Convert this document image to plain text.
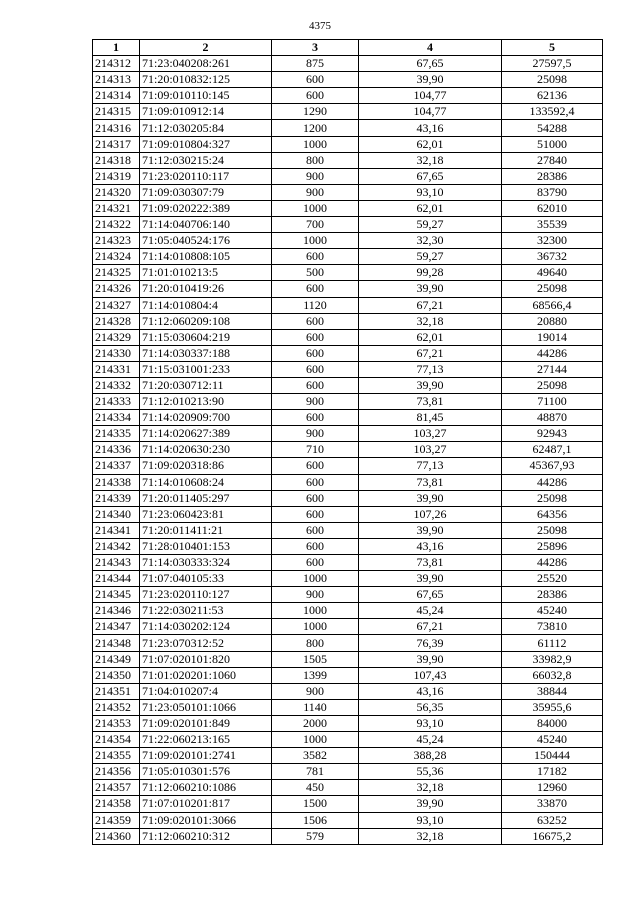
4375
1	2	3	4	5
214312	71:23:040208:261	875	67,65	27597,5
214313	71:20:010832:125	600	39,90	25098
214314	71:09:010110:145	600	104,77	62136
214315	71:09:010912:14	1290	104,77	133592,4
214316	71:12:030205:84	1200	43,16	54288
214317	71:09:010804:327	1000	62,01	51000
214318	71:12:030215:24	800	32,18	27840
214319	71:23:020110:117	900	67,65	28386
214320	71:09:030307:79	900	93,10	83790
214321	71:09:020222:389	1000	62,01	62010
214322	71:14:040706:140	700	59,27	35539
214323	71:05:040524:176	1000	32,30	32300
214324	71:14:010808:105	600	59,27	36732
214325	71:01:010213:5	500	99,28	49640
214326	71:20:010419:26	600	39,90	25098
214327	71:14:010804:4	1120	67,21	68566,4
214328	71:12:060209:108	600	32,18	20880
214329	71:15:030604:219	600	62,01	19014
214330	71:14:030337:188	600	67,21	44286
214331	71:15:031001:233	600	77,13	27144
214332	71:20:030712:11	600	39,90	25098
214333	71:12:010213:90	900	73,81	71100
214334	71:14:020909:700	600	81,45	48870
214335	71:14:020627:389	900	103,27	92943
214336	71:14:020630:230	710	103,27	62487,1
214337	71:09:020318:86	600	77,13	45367,93
214338	71:14:010608:24	600	73,81	44286
214339	71:20:011405:297	600	39,90	25098
214340	71:23:060423:81	600	107,26	64356
214341	71:20:011411:21	600	39,90	25098
214342	71:28:010401:153	600	43,16	25896
214343	71:14:030333:324	600	73,81	44286
214344	71:07:040105:33	1000	39,90	25520
214345	71:23:020110:127	900	67,65	28386
214346	71:22:030211:53	1000	45,24	45240
214347	71:14:030202:124	1000	67,21	73810
214348	71:23:070312:52	800	76,39	61112
214349	71:07:020101:820	1505	39,90	33982,9
214350	71:01:020201:1060	1399	107,43	66032,8
214351	71:04:010207:4	900	43,16	38844
214352	71:23:050101:1066	1140	56,35	35955,6
214353	71:09:020101:849	2000	93,10	84000
214354	71:22:060213:165	1000	45,24	45240
214355	71:09:020101:2741	3582	388,28	150444
214356	71:05:010301:576	781	55,36	17182
214357	71:12:060210:1086	450	32,18	12960
214358	71:07:010201:817	1500	39,90	33870
214359	71:09:020101:3066	1506	93,10	63252
214360	71:12:060210:312	579	32,18	16675,2
